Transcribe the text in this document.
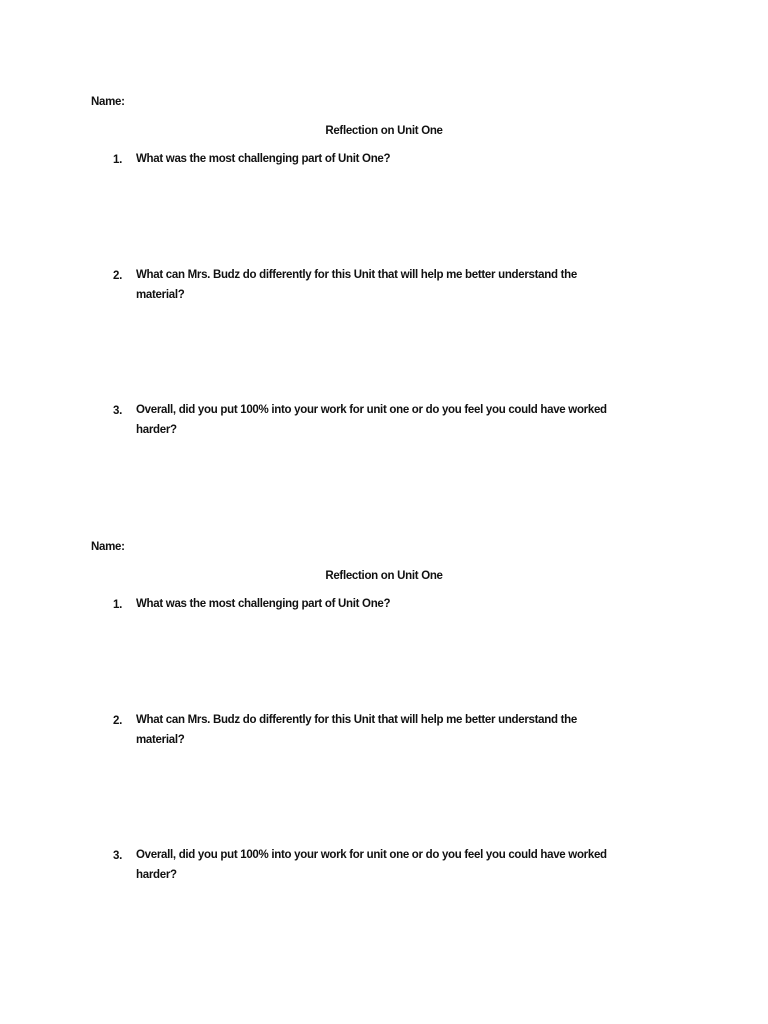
Name:
Reflection on Unit One
1. What was the most challenging part of Unit One?
2. What can Mrs. Budz do differently for this Unit that will help me better understand the
material?
3. Overall, did you put 100% into your work for unit one or do you feel you could have worked
harder?
Name:
Reflection on Unit One
1. What was the most challenging part of Unit One?
2. What can Mrs. Budz do differently for this Unit that will help me better understand the
material?
3. Overall, did you put 100% into your work for unit one or do you feel you could have worked
harder?
